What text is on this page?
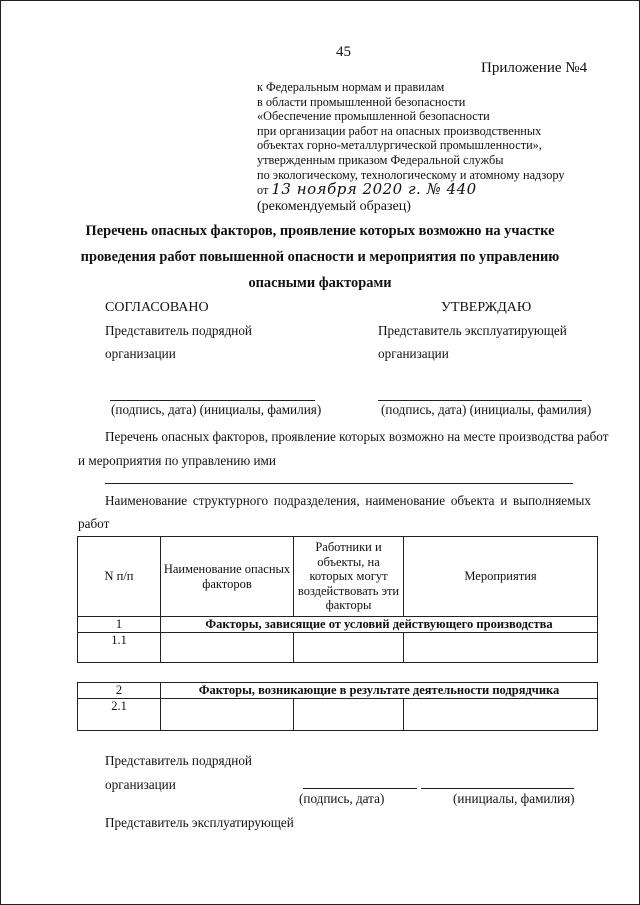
45
Приложение №4
к Федеральным нормам и правилам
в области промышленной безопасности
«Обеспечение промышленной безопасности
при организации работ на опасных производственных
объектах горно-металлургической промышленности»,
утвержденным приказом Федеральной службы
по экологическому, технологическому и атомному надзору
от 13 ноября 2020 г. № 440
(рекомендуемый образец)
Перечень опасных факторов, проявление которых возможно на участке проведения работ повышенной опасности и мероприятия по управлению опасными факторами
СОГЛАСОВАНО	УТВЕРЖДАЮ
Представитель подрядной
организации
Представитель эксплуатирующей
организации
(подпись, дата) (инициалы, фамилия)	(подпись, дата) (инициалы, фамилия)
Перечень опасных факторов, проявление которых возможно на месте производства работ
и мероприятия по управлению ими
Наименование структурного подразделения, наименование объекта и выполняемых
работ
N п/п	Наименование опасных факторов	Работники и объекты, на которых могут воздействовать эти факторы	Мероприятия
1	Факторы, зависящие от условий действующего производства		
1.1			
2	Факторы, возникающие в результате деятельности подрядчика		
2.1			
Представитель подрядной
организации
(подпись, дата)	(инициалы, фамилия)
Представитель эксплуатирующей
